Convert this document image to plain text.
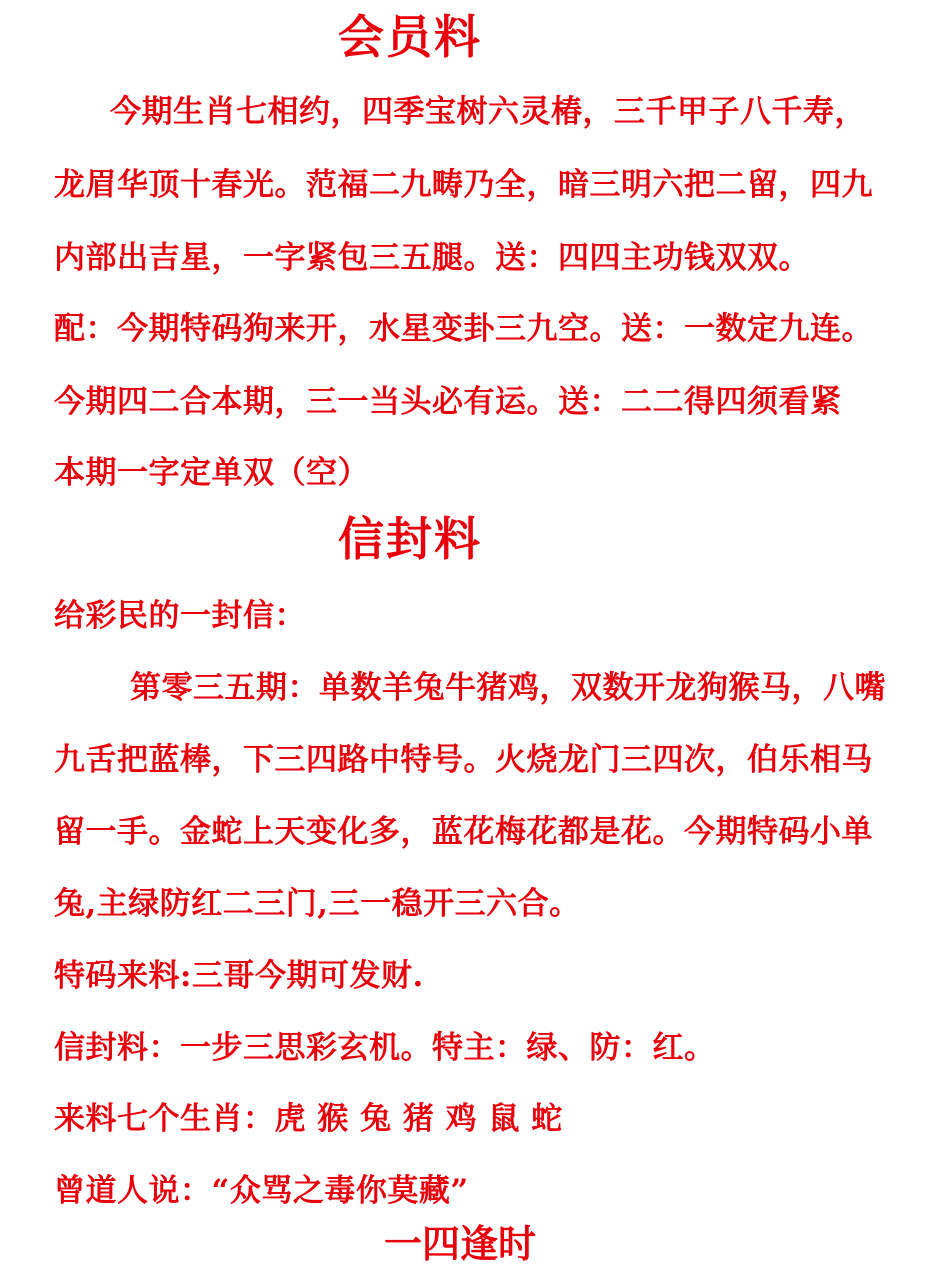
会员料
今期生肖七相约，四季宝树六灵椿，三千甲子八千寿，
龙眉华顶十春光。范福二九畴乃全，暗三明六把二留，四九
内部出吉星，一字紧包三五腿。送：四四主功钱双双。
配：今期特码狗来开，水星变卦三九空。送：一数定九连。
今期四二合本期，三一当头必有运。送：二二得四须看紧
本期一字定单双（空）
信封料
给彩民的一封信：
第零三五期：单数羊兔牛猪鸡，双数开龙狗猴马，八嘴
九舌把蓝棒，下三四路中特号。火烧龙门三四次，伯乐相马
留一手。金蛇上天变化多，蓝花梅花都是花。今期特码小单
兔,主绿防红二三门,三一稳开三六合。
特码来料:三哥今期可发财.
信封料：一步三思彩玄机。特主：绿、防：红。
来料七个生肖：虎 猴 兔 猪 鸡 鼠 蛇
曾道人说：“众骂之毒你莫藏”
一四逢时
